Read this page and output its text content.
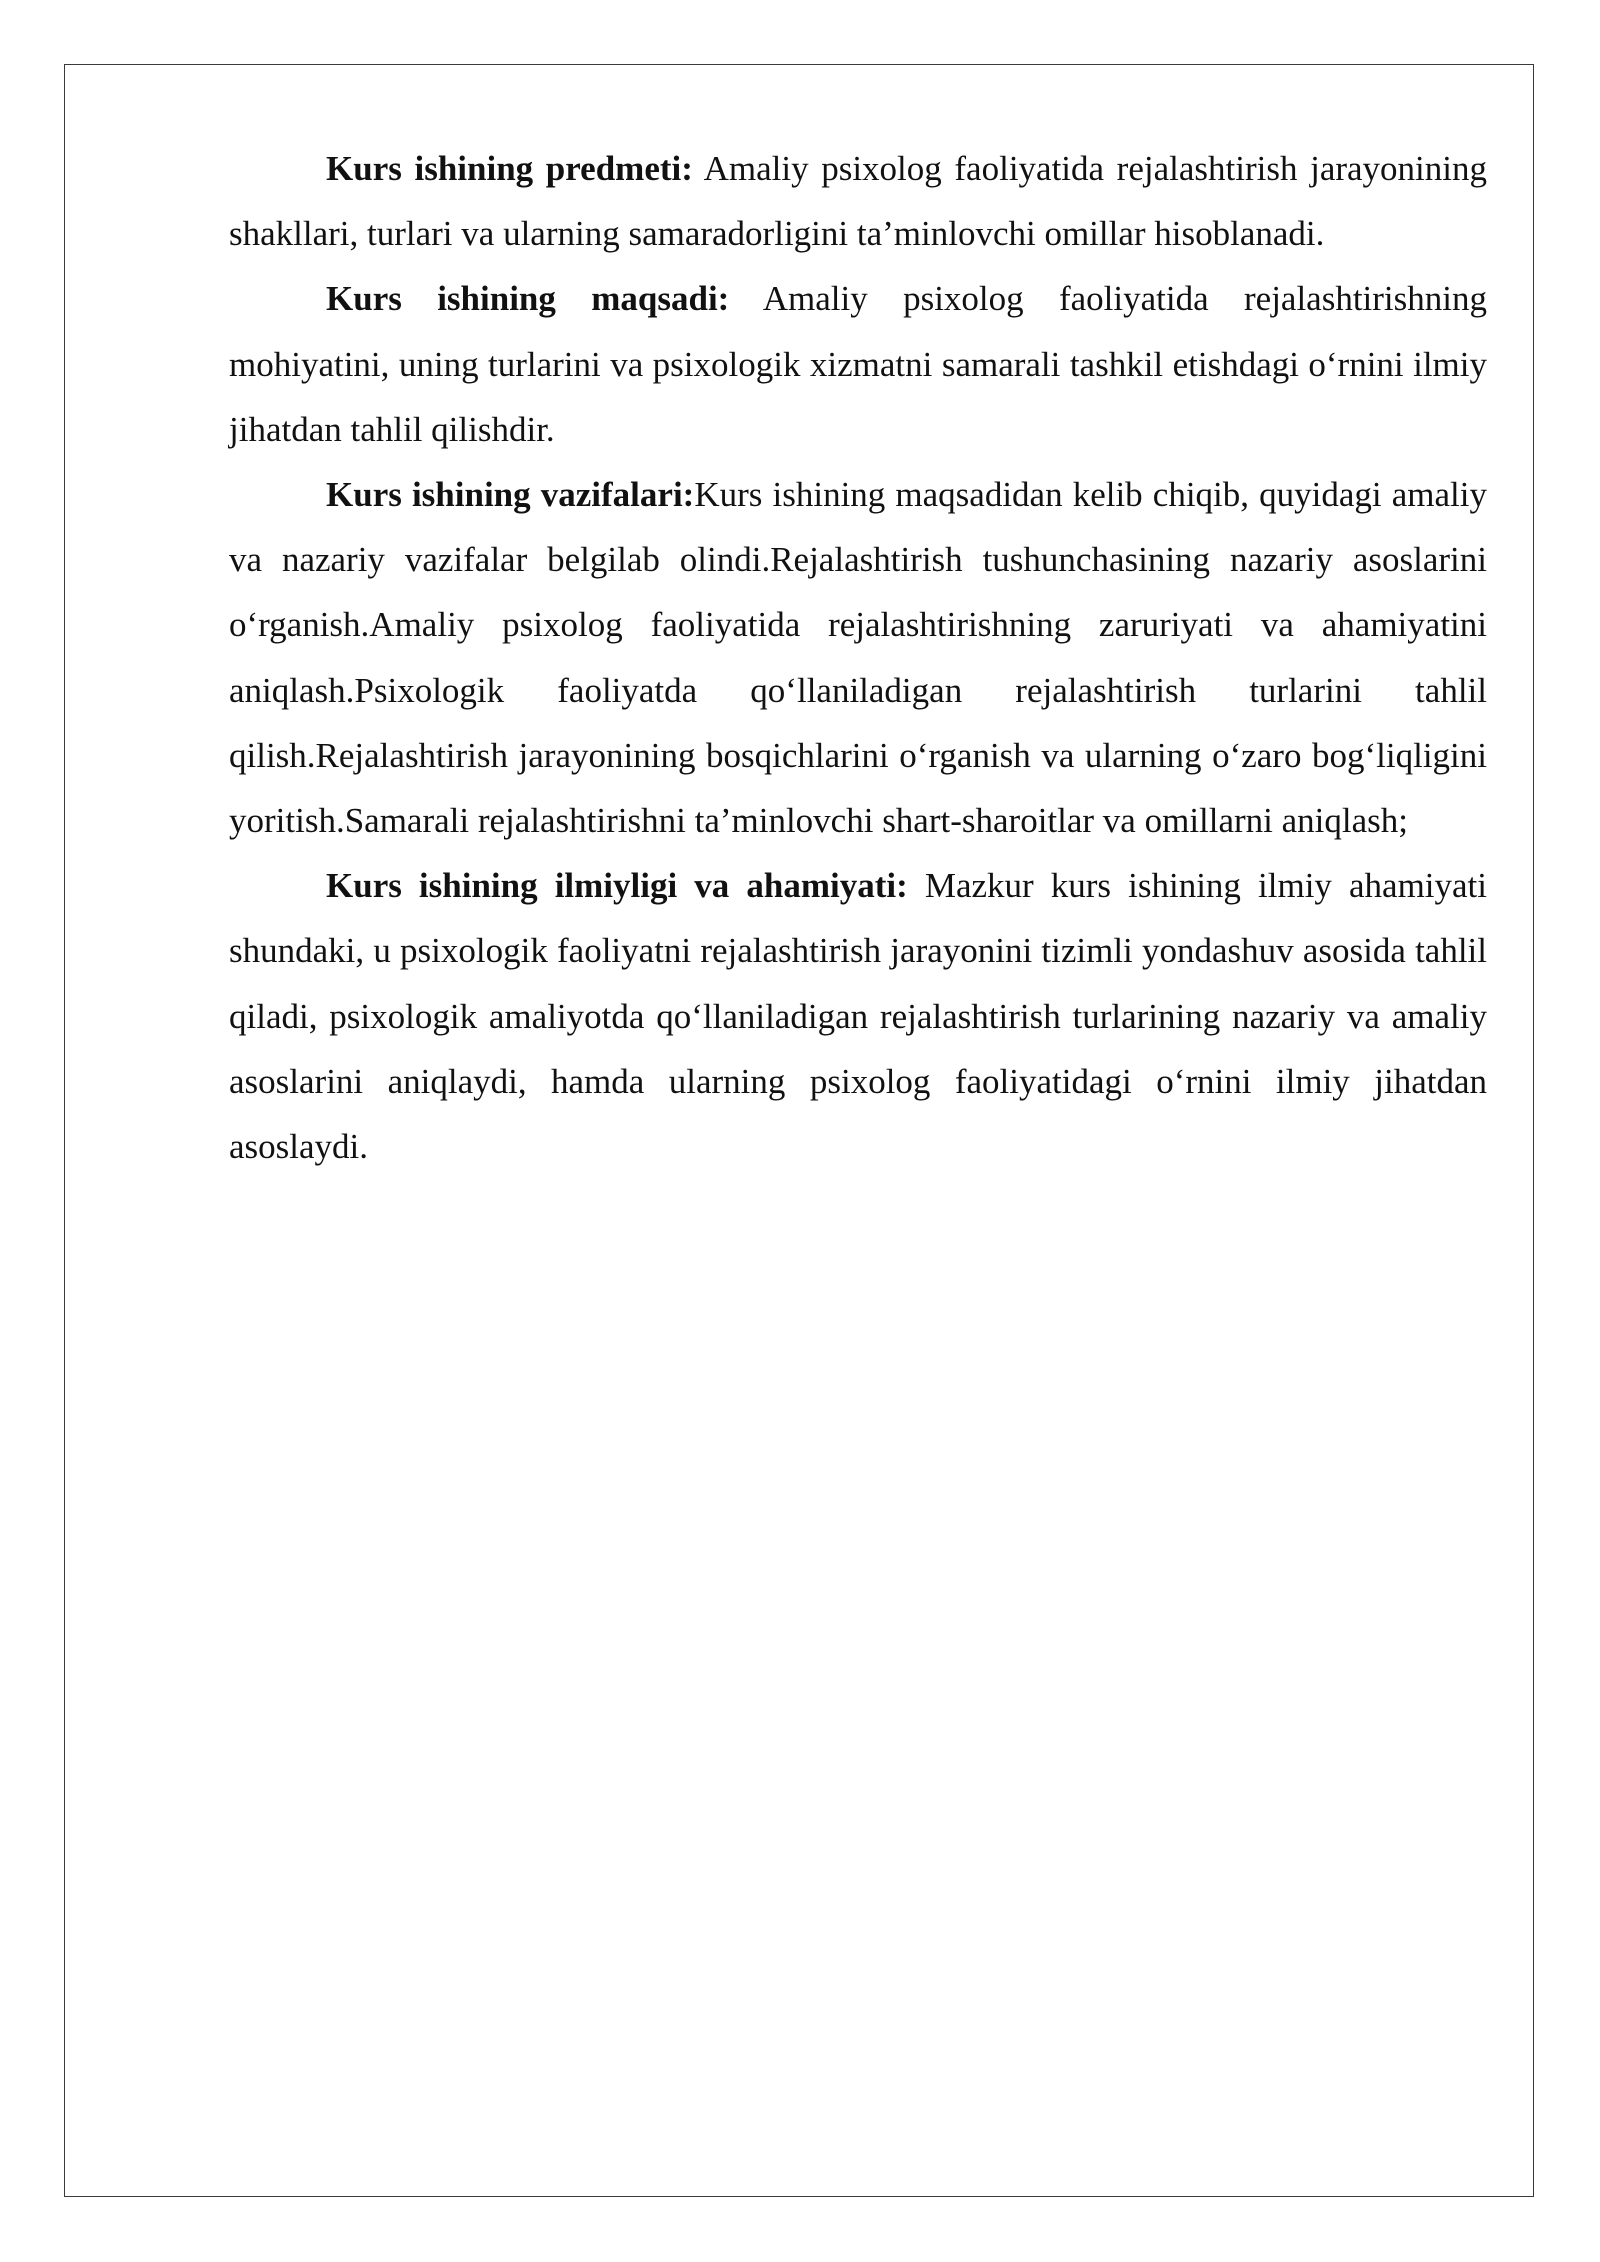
Kurs ishining predmeti: Amaliy psixolog faoliyatida rejalashtirish jarayonining shakllari, turlari va ularning samaradorligini ta’minlovchi omillar hisoblanadi.

Kurs ishining maqsadi: Amaliy psixolog faoliyatida rejalashtirishning mohiyatini, uning turlarini va psixologik xizmatni samarali tashkil etishdagi oʻrnini ilmiy jihatdan tahlil qilishdir.

Kurs ishining vazifalari:Kurs ishining maqsadidan kelib chiqib, quyidagi amaliy va nazariy vazifalar belgilab olindi.Rejalashtirish tushunchasining nazariy asoslarini oʻrganish.Amaliy psixolog faoliyatida rejalashtirishning zaruriyati va ahamiyatini aniqlash.Psixologik faoliyatda qoʻllaniladigan rejalashtirish turlarini tahlil qilish.Rejalashtirish jarayonining bosqichlarini oʻrganish va ularning oʻzaro bogʻliqligini yoritish.Samarali rejalashtirishni ta’minlovchi shart-sharoitlar va omillarni aniqlash;

Kurs ishining ilmiyligi va ahamiyati: Mazkur kurs ishining ilmiy ahamiyati shundaki, u psixologik faoliyatni rejalashtirish jarayonini tizimli yondashuv asosida tahlil qiladi, psixologik amaliyotda qoʻllaniladigan rejalashtirish turlarining nazariy va amaliy asoslarini aniqlaydi, hamda ularning psixolog faoliyatidagi oʻrnini ilmiy jihatdan asoslaydi.
